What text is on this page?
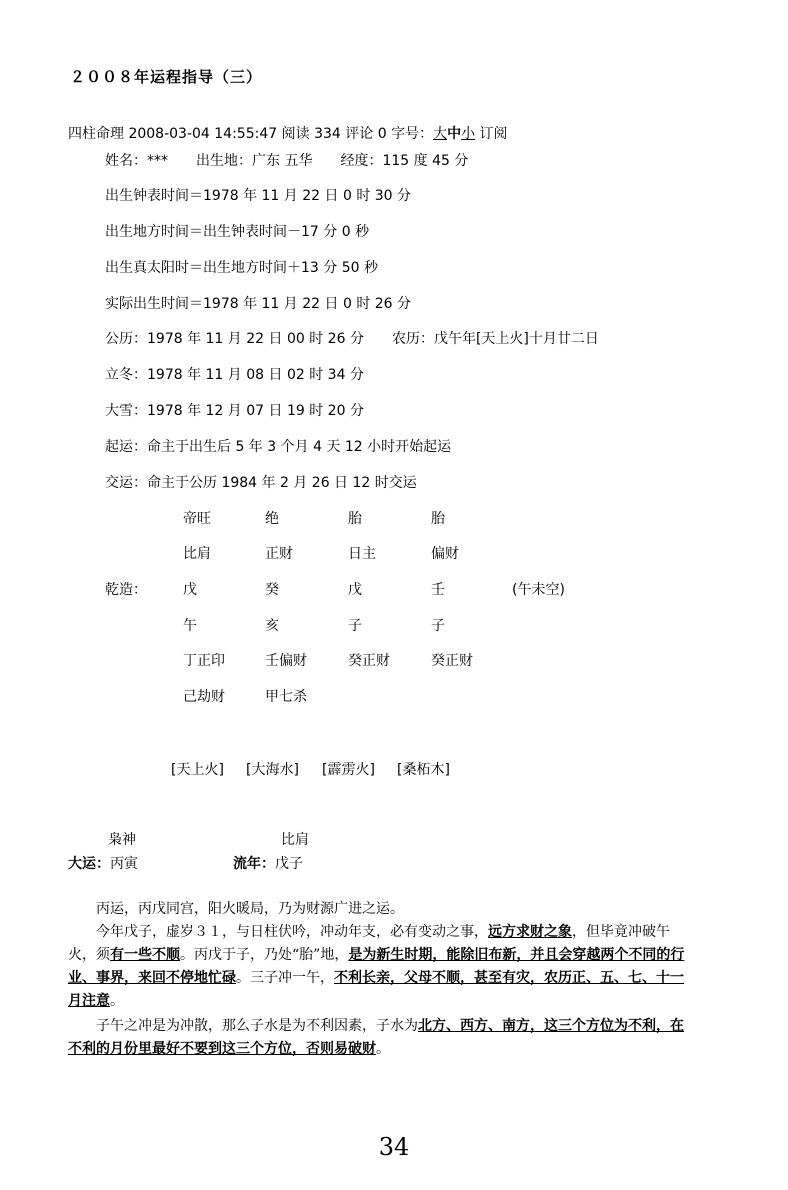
２００８年运程指导（三）
四柱命理 2008-03-04 14:55:47 阅读 334 评论 0 字号：大中小 订阅
姓名：***　　出生地：广东 五华　　经度：115 度 45 分
出生钟表时间＝1978 年 11 月 22 日 0 时 30 分
出生地方时间＝出生钟表时间－17 分 0 秒
出生真太阳时＝出生地方时间＋13 分 50 秒
实际出生时间＝1978 年 11 月 22 日 0 时 26 分
公历：1978 年 11 月 22 日 00 时 26 分　　农历：戊午年[天上火]十月廿二日
立冬：1978 年 11 月 08 日 02 时 34 分
大雪：1978 年 12 月 07 日 19 时 20 分
起运：命主于出生后 5 年 3 个月 4 天 12 小时开始起运
交运：命主于公历 1984 年 2 月 26 日 12 时交运
帝旺	绝	胎	胎
比肩	正财	日主	偏财
乾造：	戊	癸	戊	壬	(午未空)
午	亥	子	子
丁正印	壬偏财	癸正财	癸正财
己劫财	甲七杀
[天上火] [大海水] [霹雳火] [桑柘木]
枭神	比肩
大运：丙寅	流年：戊子
丙运，丙戊同宫，阳火暖局，乃为财源广进之运。
今年戊子，虚岁３１，与日柱伏吟，冲动年支，必有变动之事，远方求财之象，但毕竟冲破午火，须有一些不顺。丙戊于子，乃处“胎”地，是为新生时期，能除旧布新，并且会穿越两个不同的行业、事界，来回不停地忙碌。三子冲一午，不利长亲，父母不顺，甚至有灾，农历正、五、七、十一月注意。
子午之冲是为冲散，那么子水是为不利因素，子水为北方、西方、南方，这三个方位为不利，在不利的月份里最好不要到这三个方位，否则易破财。
34
